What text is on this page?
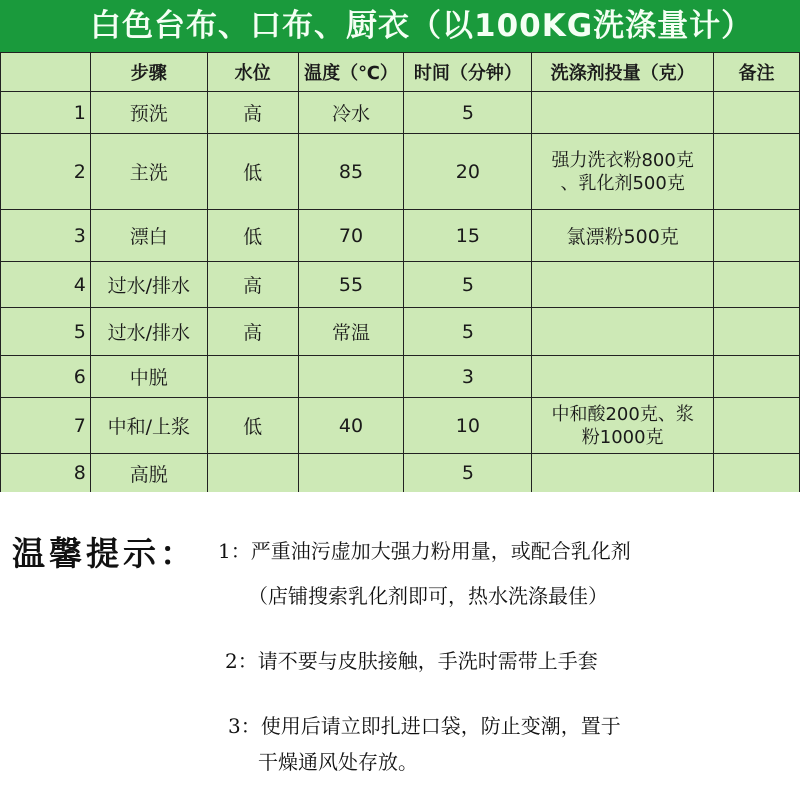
白色台布、口布、厨衣（以100KG洗涤量计）
	步骤	水位	温度（℃）	时间（分钟）	洗涤剂投量（克）	备注
1	预洗	高	冷水	5		
2	主洗	低	85	20	强力洗衣粉800克
、乳化剂500克	

3	漂白	低	70	15	氯漂粉500克	
4	过水/排水	高	55	5		
5	过水/排水	高	常温	5		
6	中脱			3		
7	中和/上浆	低	40	10	中和酸200克、浆
粉1000克	

8	高脱			5		
温馨提示： 1：严重油污虚加大强力粉用量，或配合乳化剂
（店铺搜索乳化剂即可，热水洗涤最佳）
2：请不要与皮肤接触，手洗时需带上手套
3：使用后请立即扎进口袋，防止变潮，置于
干燥通风处存放。
